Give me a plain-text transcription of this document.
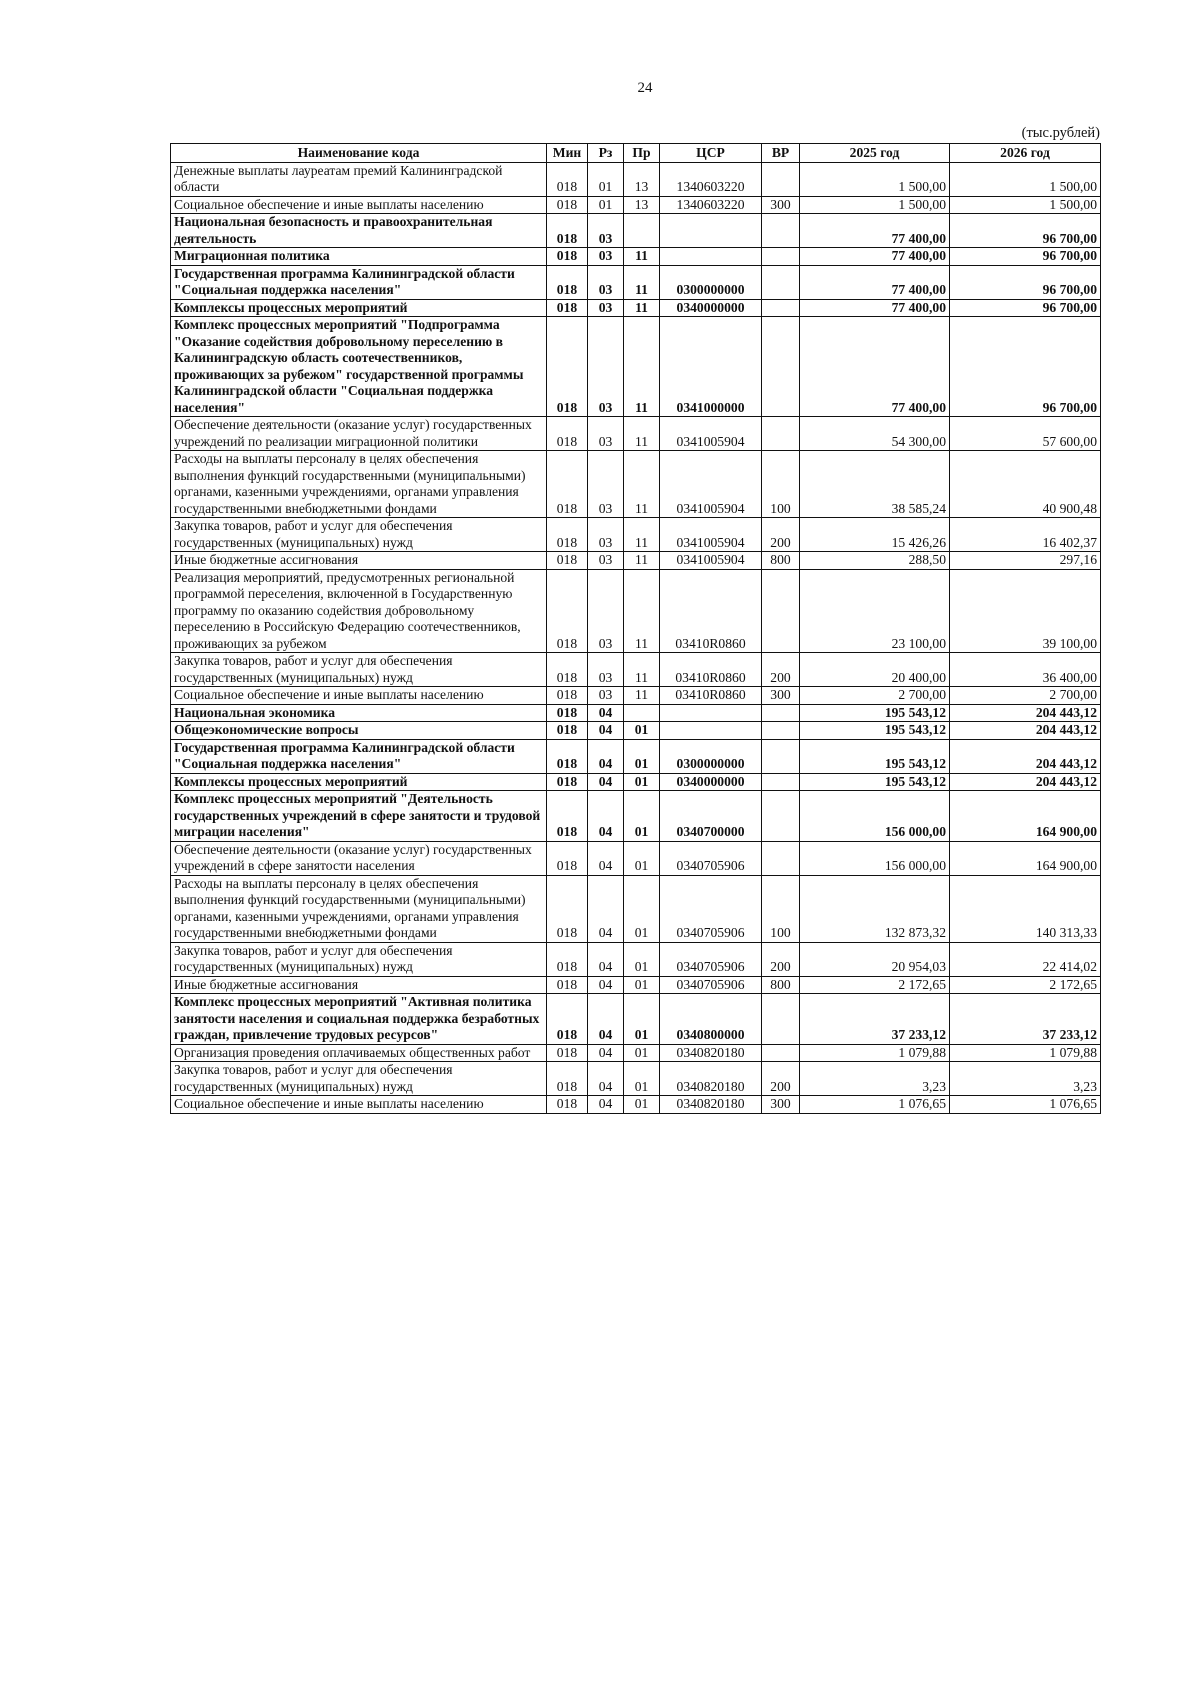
24
(тыс.рублей)
Наименование кода	Мин	Рз	Пр	ЦСР	ВР	2025 год	2026 год
Денежные выплаты лауреатам премий Калининградской области	018	01	13	1340603220		1 500,00	1 500,00
Социальное обеспечение и иные выплаты населению	018	01	13	1340603220	300	1 500,00	1 500,00
Национальная безопасность и правоохранительная деятельность	018	03				77 400,00	96 700,00
Миграционная политика	018	03	11			77 400,00	96 700,00
Государственная программа Калининградской области "Социальная поддержка населения"	018	03	11	0300000000		77 400,00	96 700,00
Комплексы процессных мероприятий	018	03	11	0340000000		77 400,00	96 700,00
Комплекс процессных мероприятий "Подпрограмма "Оказание содействия добровольному переселению в Калининградскую область соотечественников, проживающих за рубежом" государственной программы Калининградской области "Социальная поддержка населения"	018	03	11	0341000000		77 400,00	96 700,00
Обеспечение деятельности (оказание услуг) государственных учреждений по реализации миграционной политики	018	03	11	0341005904		54 300,00	57 600,00
Расходы на выплаты персоналу в целях обеспечения выполнения функций государственными (муниципальными) органами, казенными учреждениями, органами управления государственными внебюджетными фондами	018	03	11	0341005904	100	38 585,24	40 900,48
Закупка товаров, работ и услуг для обеспечения государственных (муниципальных) нужд	018	03	11	0341005904	200	15 426,26	16 402,37
Иные бюджетные ассигнования	018	03	11	0341005904	800	288,50	297,16
Реализация мероприятий, предусмотренных региональной программой переселения, включенной в Государственную программу по оказанию содействия добровольному переселению в Российскую Федерацию соотечественников, проживающих за рубежом	018	03	11	03410R0860		23 100,00	39 100,00
Закупка товаров, работ и услуг для обеспечения государственных (муниципальных) нужд	018	03	11	03410R0860	200	20 400,00	36 400,00
Социальное обеспечение и иные выплаты населению	018	03	11	03410R0860	300	2 700,00	2 700,00
Национальная экономика	018	04				195 543,12	204 443,12
Общеэкономические вопросы	018	04	01			195 543,12	204 443,12
Государственная программа Калининградской области "Социальная поддержка населения"	018	04	01	0300000000		195 543,12	204 443,12
Комплексы процессных мероприятий	018	04	01	0340000000		195 543,12	204 443,12
Комплекс процессных мероприятий "Деятельность государственных учреждений в сфере занятости и трудовой миграции населения"	018	04	01	0340700000		156 000,00	164 900,00
Обеспечение деятельности (оказание услуг) государственных учреждений в сфере занятости населения	018	04	01	0340705906		156 000,00	164 900,00
Расходы на выплаты персоналу в целях обеспечения выполнения функций государственными (муниципальными) органами, казенными учреждениями, органами управления государственными внебюджетными фондами	018	04	01	0340705906	100	132 873,32	140 313,33
Закупка товаров, работ и услуг для обеспечения государственных (муниципальных) нужд	018	04	01	0340705906	200	20 954,03	22 414,02
Иные бюджетные ассигнования	018	04	01	0340705906	800	2 172,65	2 172,65
Комплекс процессных мероприятий "Активная политика занятости населения и социальная поддержка безработных граждан, привлечение трудовых ресурсов"	018	04	01	0340800000		37 233,12	37 233,12
Организация проведения оплачиваемых общественных работ	018	04	01	0340820180		1 079,88	1 079,88
Закупка товаров, работ и услуг для обеспечения государственных (муниципальных) нужд	018	04	01	0340820180	200	3,23	3,23
Социальное обеспечение и иные выплаты населению	018	04	01	0340820180	300	1 076,65	1 076,65
